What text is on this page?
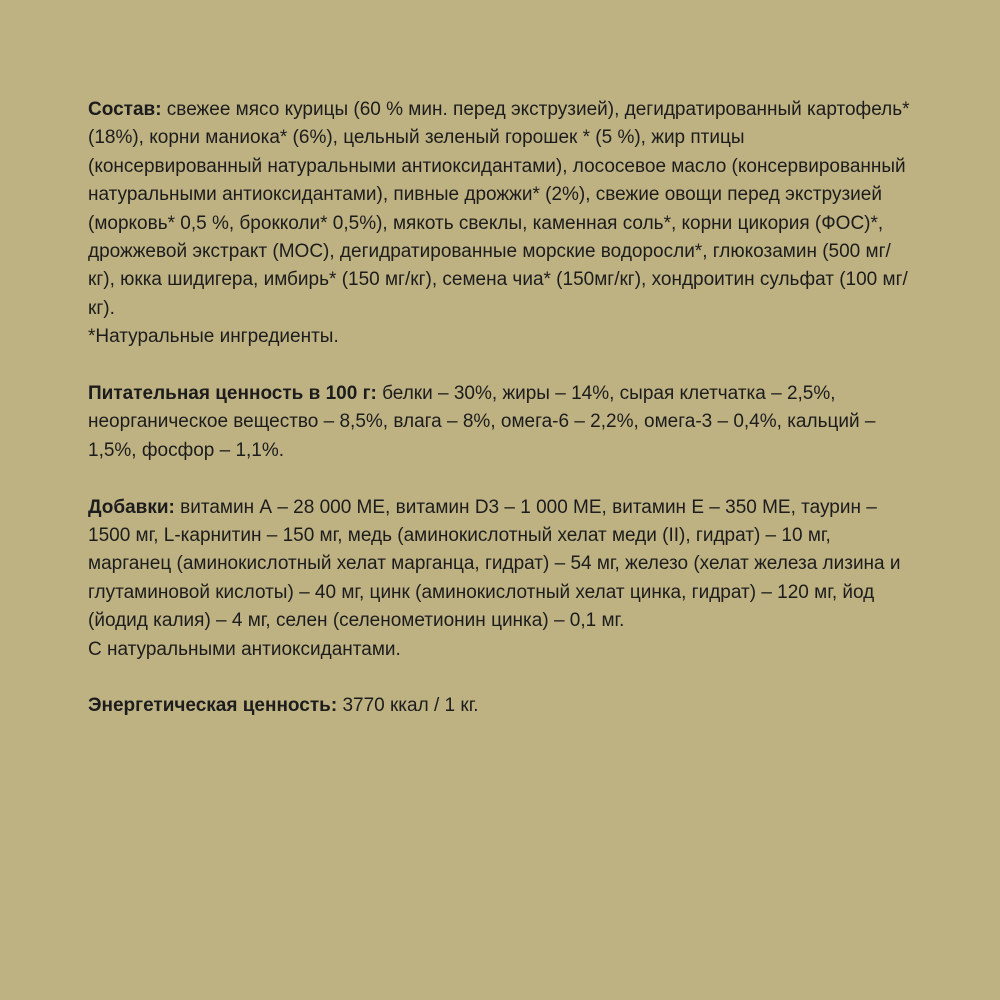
Состав: свежее мясо курицы (60 % мин. перед экструзией), дегидратированный картофель* (18%), корни маниока* (6%), цельный зеленый горошек * (5 %), жир птицы (консервированный натуральными антиоксидантами), лососевое масло (консервированный натуральными антиоксидантами), пивные дрожжи* (2%), свежие овощи перед экструзией (морковь* 0,5 %, брокколи* 0,5%), мякоть свеклы, каменная соль*, корни цикория (ФОС)*, дрожжевой экстракт (МОС), дегидратированные морские водоросли*, глюкозамин (500 мг/кг), юкка шидигера, имбирь* (150 мг/кг), семена чиа* (150мг/кг), хондроитин сульфат (100 мг/кг).

*Натуральные ингредиенты.

Питательная ценность в 100 г: белки – 30%, жиры – 14%, сырая клетчатка – 2,5%, неорганическое вещество – 8,5%, влага – 8%, омега-6 – 2,2%, омега-3 – 0,4%, кальций – 1,5%, фосфор – 1,1%.

Добавки: витамин А – 28 000 МЕ, витамин D3 – 1 000 МЕ, витамин Е – 350 МЕ, таурин – 1500 мг, L-карнитин – 150 мг, медь (аминокислотный хелат меди (II), гидрат) – 10 мг, марганец (аминокислотный хелат марганца, гидрат) – 54 мг, железо (хелат железа лизина и глутаминовой кислоты) – 40 мг, цинк (аминокислотный хелат цинка, гидрат) – 120 мг, йод (йодид калия) – 4 мг, селен (селенометионин цинка) – 0,1 мг.

С натуральными антиоксидантами.

Энергетическая ценность: 3770 ккал / 1 кг.
